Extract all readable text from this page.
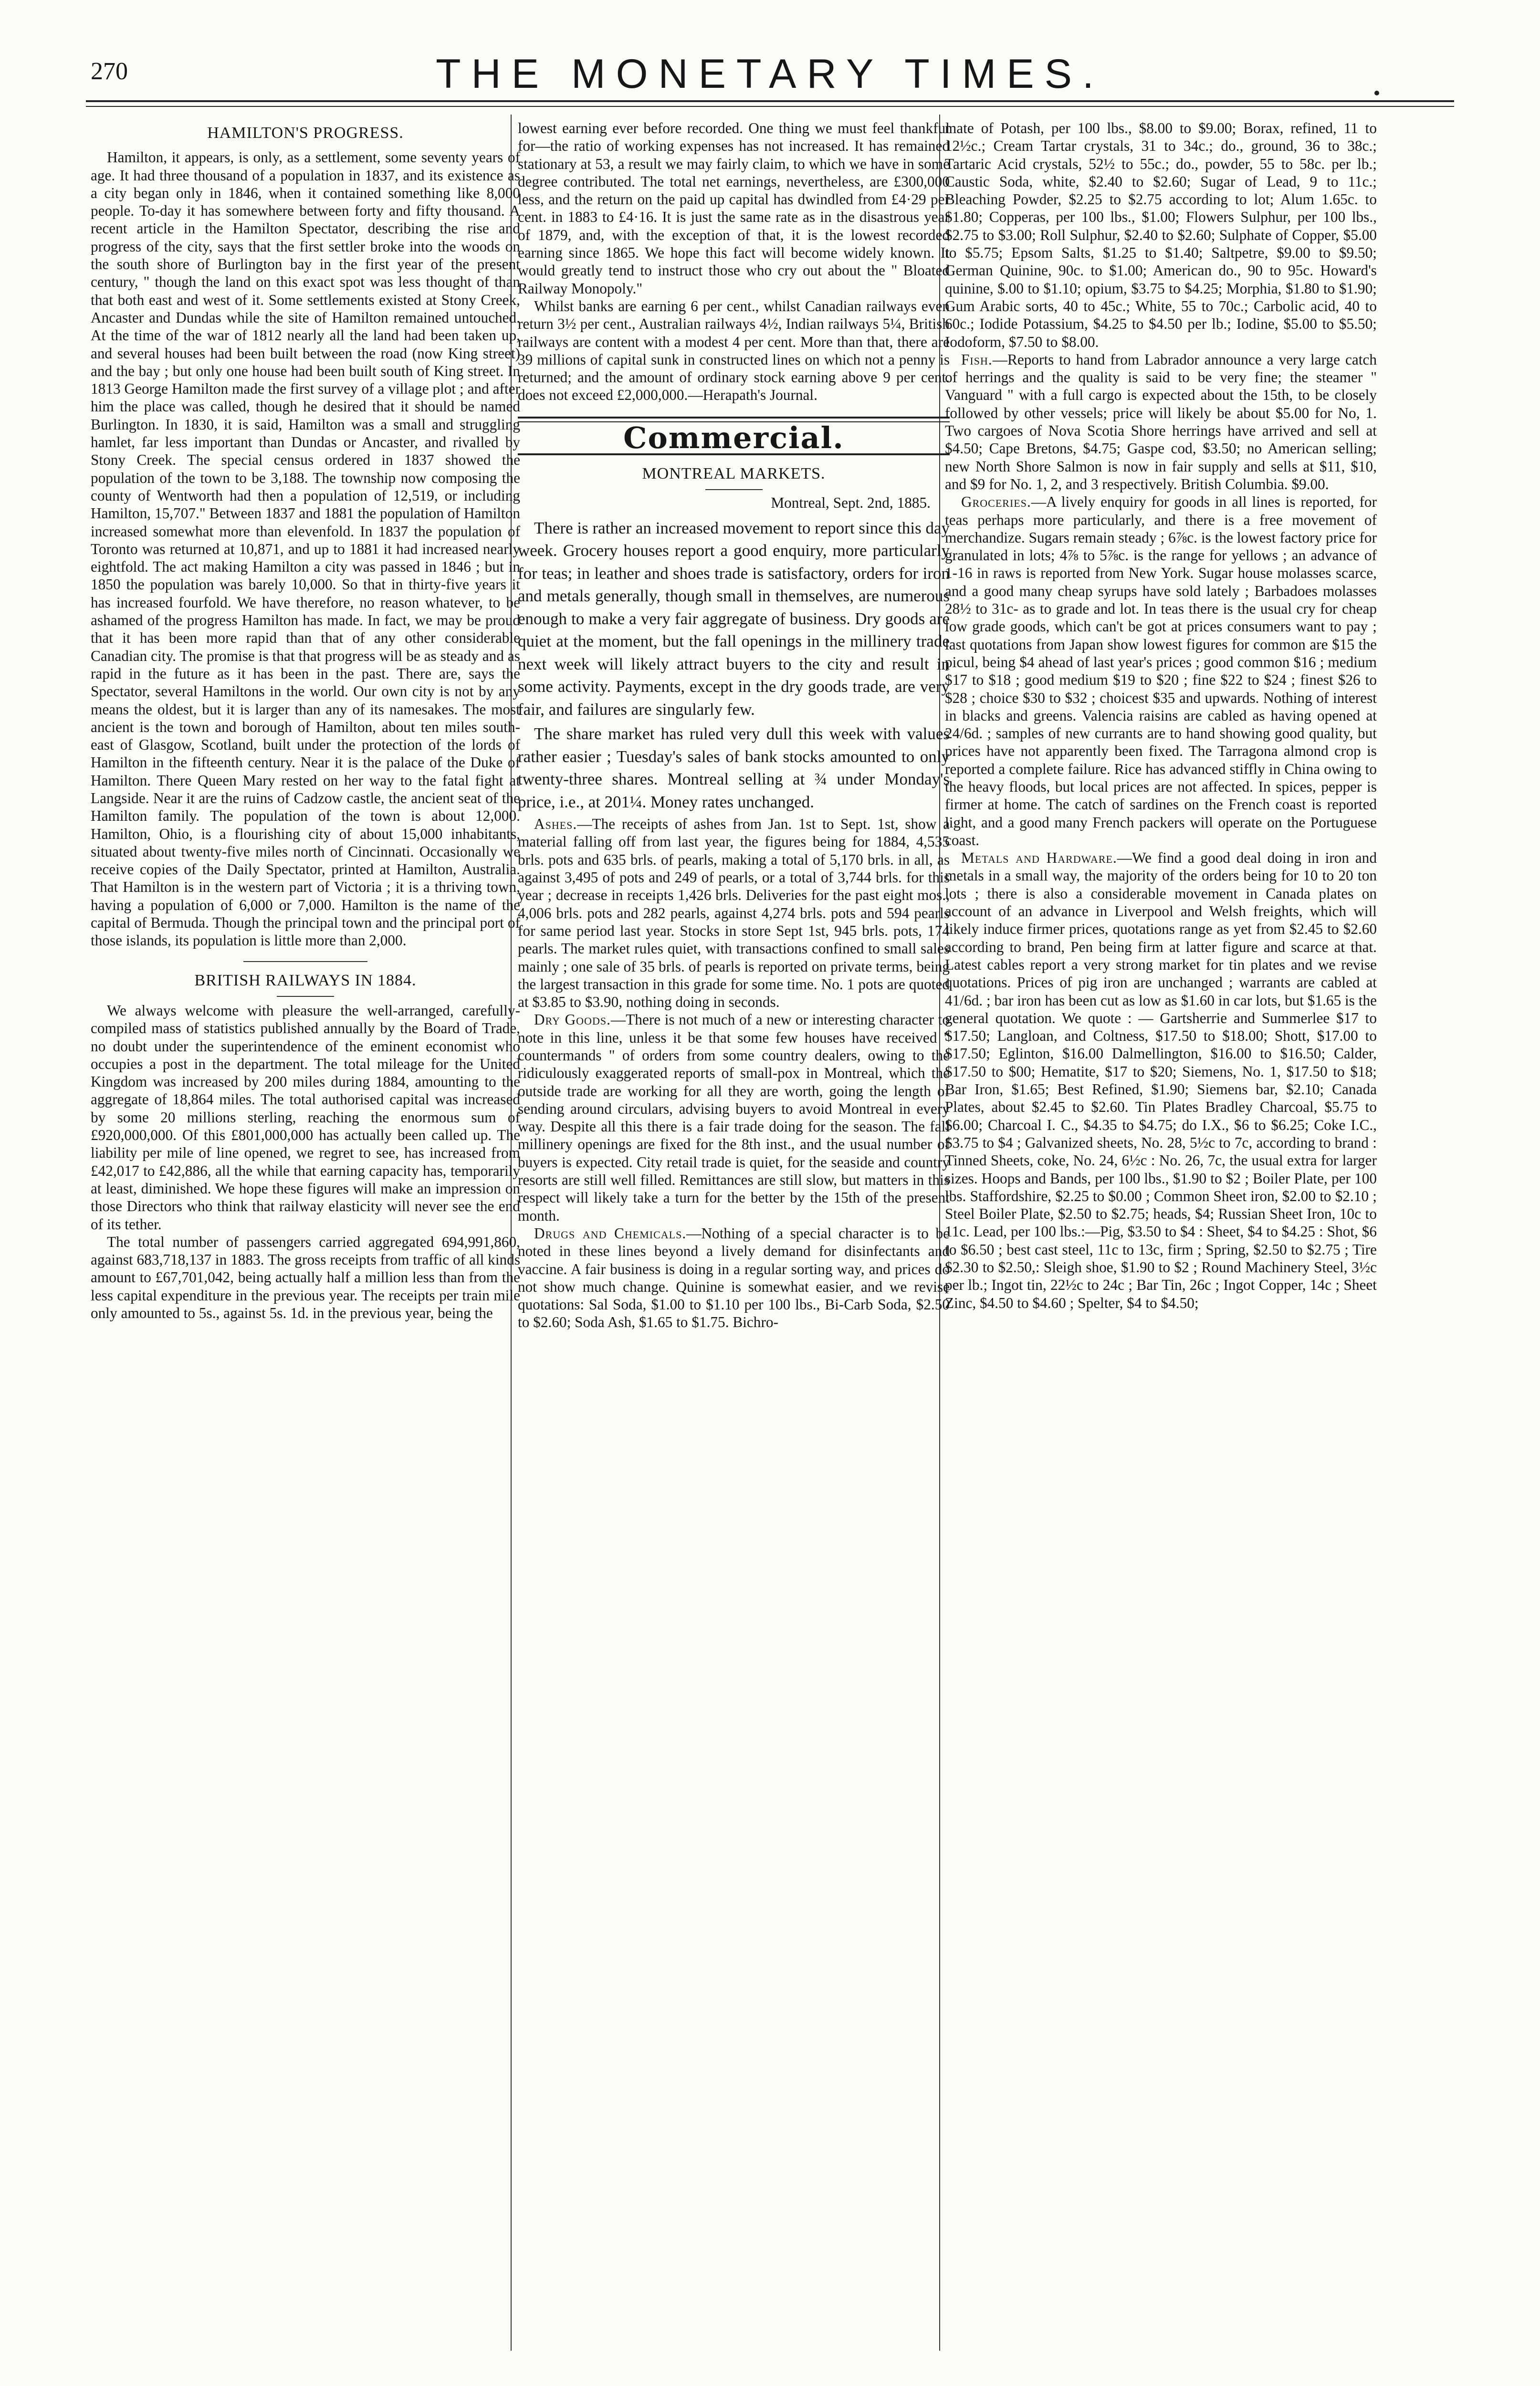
270	THE MONETARY TIMES.
HAMILTON'S PROGRESS.

Hamilton, it appears, is only, as a settlement, some seventy years of age. It had three thousand of a population in 1837, and its existence as a city began only in 1846, when it contained something like 8,000 people. To-day it has somewhere between forty and fifty thousand. A recent article in the Hamilton Spectator, describing the rise and progress of the city, says that the first settler broke into the woods on the south shore of Burlington bay in the first year of the present century, " though the land on this exact spot was less thought of than that both east and west of it. Some settlements existed at Stony Creek, Ancaster and Dundas while the site of Hamilton remained untouched. At the time of the war of 1812 nearly all the land had been taken up, and several houses had been built between the road (now King street) and the bay ; but only one house had been built south of King street. In 1813 George Hamilton made the first survey of a village plot ; and after him the place was called, though he desired that it should be named Burlington. In 1830, it is said, Hamilton was a small and struggling hamlet, far less important than Dundas or Ancaster, and rivalled by Stony Creek. The special census ordered in 1837 showed the population of the town to be 3,188. The township now composing the county of Wentworth had then a population of 12,519, or including Hamilton, 15,707." Between 1837 and 1881 the population of Hamilton increased somewhat more than elevenfold. In 1837 the population of Toronto was returned at 10,871, and up to 1881 it had increased nearly eightfold. The act making Hamilton a city was passed in 1846 ; but in 1850 the population was barely 10,000. So that in thirty-five years it has increased fourfold. We have therefore, no reason whatever, to be ashamed of the progress Hamilton has made. In fact, we may be proud that it has been more rapid than that of any other considerable Canadian city. The promise is that that progress will be as steady and as rapid in the future as it has been in the past. There are, says the Spectator, several Hamiltons in the world. Our own city is not by any means the oldest, but it is larger than any of its namesakes. The most ancient is the town and borough of Hamilton, about ten miles south-east of Glasgow, Scotland, built under the protection of the lords of Hamilton in the fifteenth century. Near it is the palace of the Duke of Hamilton. There Queen Mary rested on her way to the fatal fight at Langside. Near it are the ruins of Cadzow castle, the ancient seat of the Hamilton family. The population of the town is about 12,000. Hamilton, Ohio, is a flourishing city of about 15,000 inhabitants, situated about twenty-five miles north of Cincinnati. Occasionally we receive copies of the Daily Spectator, printed at Hamilton, Australia. That Hamilton is in the western part of Victoria ; it is a thriving town, having a population of 6,000 or 7,000. Hamilton is the name of the capital of Bermuda. Though the principal town and the principal port of those islands, its population is little more than 2,000.

BRITISH RAILWAYS IN 1884.

We always welcome with pleasure the well-arranged, carefully-compiled mass of statistics published annually by the Board of Trade, no doubt under the superintendence of the eminent economist who occupies a post in the department. The total mileage for the United Kingdom was increased by 200 miles during 1884, amounting to the aggregate of 18,864 miles. The total authorised capital was increased by some 20 millions sterling, reaching the enormous sum of £920,000,000. Of this £801,000,000 has actually been called up. The liability per mile of line opened, we regret to see, has increased from £42,017 to £42,886, all the while that earning capacity has, temporarily at least, diminished. We hope these figures will make an impression on those Directors who think that railway elasticity will never see the end of its tether.

The total number of passengers carried aggregated 694,991,860, against 683,718,137 in 1883. The gross receipts from traffic of all kinds amount to £67,701,042, being actually half a million less than from the less capital expenditure in the previous year. The receipts per train mile only amounted to 5s., against 5s. 1d. in the previous year, being the

lowest earning ever before recorded. One thing we must feel thankful for—the ratio of working expenses has not increased. It has remained stationary at 53, a result we may fairly claim, to which we have in some degree contributed. The total net earnings, nevertheless, are £300,000 less, and the return on the paid up capital has dwindled from £4·29 per cent. in 1883 to £4·16. It is just the same rate as in the disastrous year of 1879, and, with the exception of that, it is the lowest recorded earning since 1865. We hope this fact will become widely known. It would greatly tend to instruct those who cry out about the " Bloated Railway Monopoly."

Whilst banks are earning 6 per cent., whilst Canadian railways even return 3½ per cent., Australian railways 4½, Indian railways 5¼, British railways are content with a modest 4 per cent. More than that, there are 39 millions of capital sunk in constructed lines on which not a penny is returned; and the amount of ordinary stock earning above 9 per cent. does not exceed £2,000,000.—Herapath's Journal.

Commercial.
MONTREAL MARKETS.
Montreal, Sept. 2nd, 1885.

There is rather an increased movement to report since this day week. Grocery houses report a good enquiry, more particularly for teas; in leather and shoes trade is satisfactory, orders for iron and metals generally, though small in themselves, are numerous enough to make a very fair aggregate of business. Dry goods are quiet at the moment, but the fall openings in the millinery trade next week will likely attract buyers to the city and result in some activity. Payments, except in the dry goods trade, are very fair, and failures are singularly few.

The share market has ruled very dull this week with values rather easier ; Tuesday's sales of bank stocks amounted to only twenty-three shares. Montreal selling at ¾ under Monday's price, i.e., at 201¼. Money rates unchanged.

Ashes.—The receipts of ashes from Jan. 1st to Sept. 1st, show a material falling off from last year, the figures being for 1884, 4,535 brls. pots and 635 brls. of pearls, making a total of 5,170 brls. in all, as against 3,495 of pots and 249 of pearls, or a total of 3,744 brls. for this year ; decrease in receipts 1,426 brls. Deliveries for the past eight mos., 4,006 brls. pots and 282 pearls, against 4,274 brls. pots and 594 pearls for same period last year. Stocks in store Sept 1st, 945 brls. pots, 174 pearls. The market rules quiet, with transactions confined to small sales mainly ; one sale of 35 brls. of pearls is reported on private terms, being the largest transaction in this grade for some time. No. 1 pots are quoted at $3.85 to $3.90, nothing doing in seconds.

Dry Goods.—There is not much of a new or interesting character to note in this line, unless it be that some few houses have received " countermands " of orders from some country dealers, owing to the ridiculously exaggerated reports of small-pox in Montreal, which the outside trade are working for all they are worth, going the length of sending around circulars, advising buyers to avoid Montreal in every way. Despite all this there is a fair trade doing for the season. The fall millinery openings are fixed for the 8th inst., and the usual number of buyers is expected. City retail trade is quiet, for the seaside and country resorts are still well filled. Remittances are still slow, but matters in this respect will likely take a turn for the better by the 15th of the present month.

Drugs and Chemicals.—Nothing of a special character is to be noted in these lines beyond a lively demand for disinfectants and vaccine. A fair business is doing in a regular sorting way, and prices do not show much change. Quinine is somewhat easier, and we revise quotations: Sal Soda, $1.00 to $1.10 per 100 lbs., Bi-Carb Soda, $2.50 to $2.60; Soda Ash, $1.65 to $1.75. Bichro-

mate of Potash, per 100 lbs., $8.00 to $9.00; Borax, refined, 11 to 12½c.; Cream Tartar crystals, 31 to 34c.; do., ground, 36 to 38c.; Tartaric Acid crystals, 52½ to 55c.; do., powder, 55 to 58c. per lb.; Caustic Soda, white, $2.40 to $2.60; Sugar of Lead, 9 to 11c.; Bleaching Powder, $2.25 to $2.75 according to lot; Alum 1.65c. to $1.80; Copperas, per 100 lbs., $1.00; Flowers Sulphur, per 100 lbs., $2.75 to $3.00; Roll Sulphur, $2.40 to $2.60; Sulphate of Copper, $5.00 to $5.75; Epsom Salts, $1.25 to $1.40; Saltpetre, $9.00 to $9.50; German Quinine, 90c. to $1.00; American do., 90 to 95c. Howard's quinine, $.00 to $1.10; opium, $3.75 to $4.25; Morphia, $1.80 to $1.90; Gum Arabic sorts, 40 to 45c.; White, 55 to 70c.; Carbolic acid, 40 to 60c.; Iodide Potassium, $4.25 to $4.50 per lb.; Iodine, $5.00 to $5.50; Iodoform, $7.50 to $8.00.

Fish.—Reports to hand from Labrador announce a very large catch of herrings and the quality is said to be very fine; the steamer " Vanguard " with a full cargo is expected about the 15th, to be closely followed by other vessels; price will likely be about $5.00 for No, 1. Two cargoes of Nova Scotia Shore herrings have arrived and sell at $4.50; Cape Bretons, $4.75; Gaspe cod, $3.50; no American selling; new North Shore Salmon is now in fair supply and sells at $11, $10, and $9 for No. 1, 2, and 3 respectively. British Columbia. $9.00.

Groceries.—A lively enquiry for goods in all lines is reported, for teas perhaps more particularly, and there is a free movement of merchandize. Sugars remain steady ; 6⅞c. is the lowest factory price for granulated in lots; 4⅞ to 5⅞c. is the range for yellows ; an advance of 1-16 in raws is reported from New York. Sugar house molasses scarce, and a good many cheap syrups have sold lately ; Barbadoes molasses 28½ to 31c- as to grade and lot. In teas there is the usual cry for cheap low grade goods, which can't be got at prices consumers want to pay ; last quotations from Japan show lowest figures for common are $15 the picul, being $4 ahead of last year's prices ; good common $16 ; medium $17 to $18 ; good medium $19 to $20 ; fine $22 to $24 ; finest $26 to $28 ; choice $30 to $32 ; choicest $35 and upwards. Nothing of interest in blacks and greens. Valencia raisins are cabled as having opened at 24/6d. ; samples of new currants are to hand showing good quality, but prices have not apparently been fixed. The Tarragona almond crop is reported a complete failure. Rice has advanced stiffly in China owing to the heavy floods, but local prices are not affected. In spices, pepper is firmer at home. The catch of sardines on the French coast is reported light, and a good many French packers will operate on the Portuguese coast.

Metals and Hardware.—We find a good deal doing in iron and metals in a small way, the majority of the orders being for 10 to 20 ton lots ; there is also a considerable movement in Canada plates on account of an advance in Liverpool and Welsh freights, which will likely induce firmer prices, quotations range as yet from $2.45 to $2.60 according to brand, Pen being firm at latter figure and scarce at that. Latest cables report a very strong market for tin plates and we revise quotations. Prices of pig iron are unchanged ; warrants are cabled at 41/6d. ; bar iron has been cut as low as $1.60 in car lots, but $1.65 is the general quotation. We quote : — Gartsherrie and Summerlee $17 to $17.50; Langloan, and Coltness, $17.50 to $18.00; Shott, $17.00 to $17.50; Eglinton, $16.00 Dalmellington, $16.00 to $16.50; Calder, $17.50 to $00; Hematite, $17 to $20; Siemens, No. 1, $17.50 to $18; Bar Iron, $1.65; Best Refined, $1.90; Siemens bar, $2.10; Canada Plates, about $2.45 to $2.60. Tin Plates Bradley Charcoal, $5.75 to $6.00; Charcoal I. C., $4.35 to $4.75; do I.X., $6 to $6.25; Coke I.C., $3.75 to $4 ; Galvanized sheets, No. 28, 5½c to 7c, according to brand : Tinned Sheets, coke, No. 24, 6½c : No. 26, 7c, the usual extra for larger sizes. Hoops and Bands, per 100 lbs., $1.90 to $2 ; Boiler Plate, per 100 lbs. Staffordshire, $2.25 to $0.00 ; Common Sheet iron, $2.00 to $2.10 ; Steel Boiler Plate, $2.50 to $2.75; heads, $4; Russian Sheet Iron, 10c to 11c. Lead, per 100 lbs.:—Pig, $3.50 to $4 : Sheet, $4 to $4.25 : Shot, $6 to $6.50 ; best cast steel, 11c to 13c, firm ; Spring, $2.50 to $2.75 ; Tire $2.30 to $2.50,: Sleigh shoe, $1.90 to $2 ; Round Machinery Steel, 3½c per lb.; Ingot tin, 22½c to 24c ; Bar Tin, 26c ; Ingot Copper, 14c ; Sheet Zinc, $4.50 to $4.60 ; Spelter, $4 to $4.50;
